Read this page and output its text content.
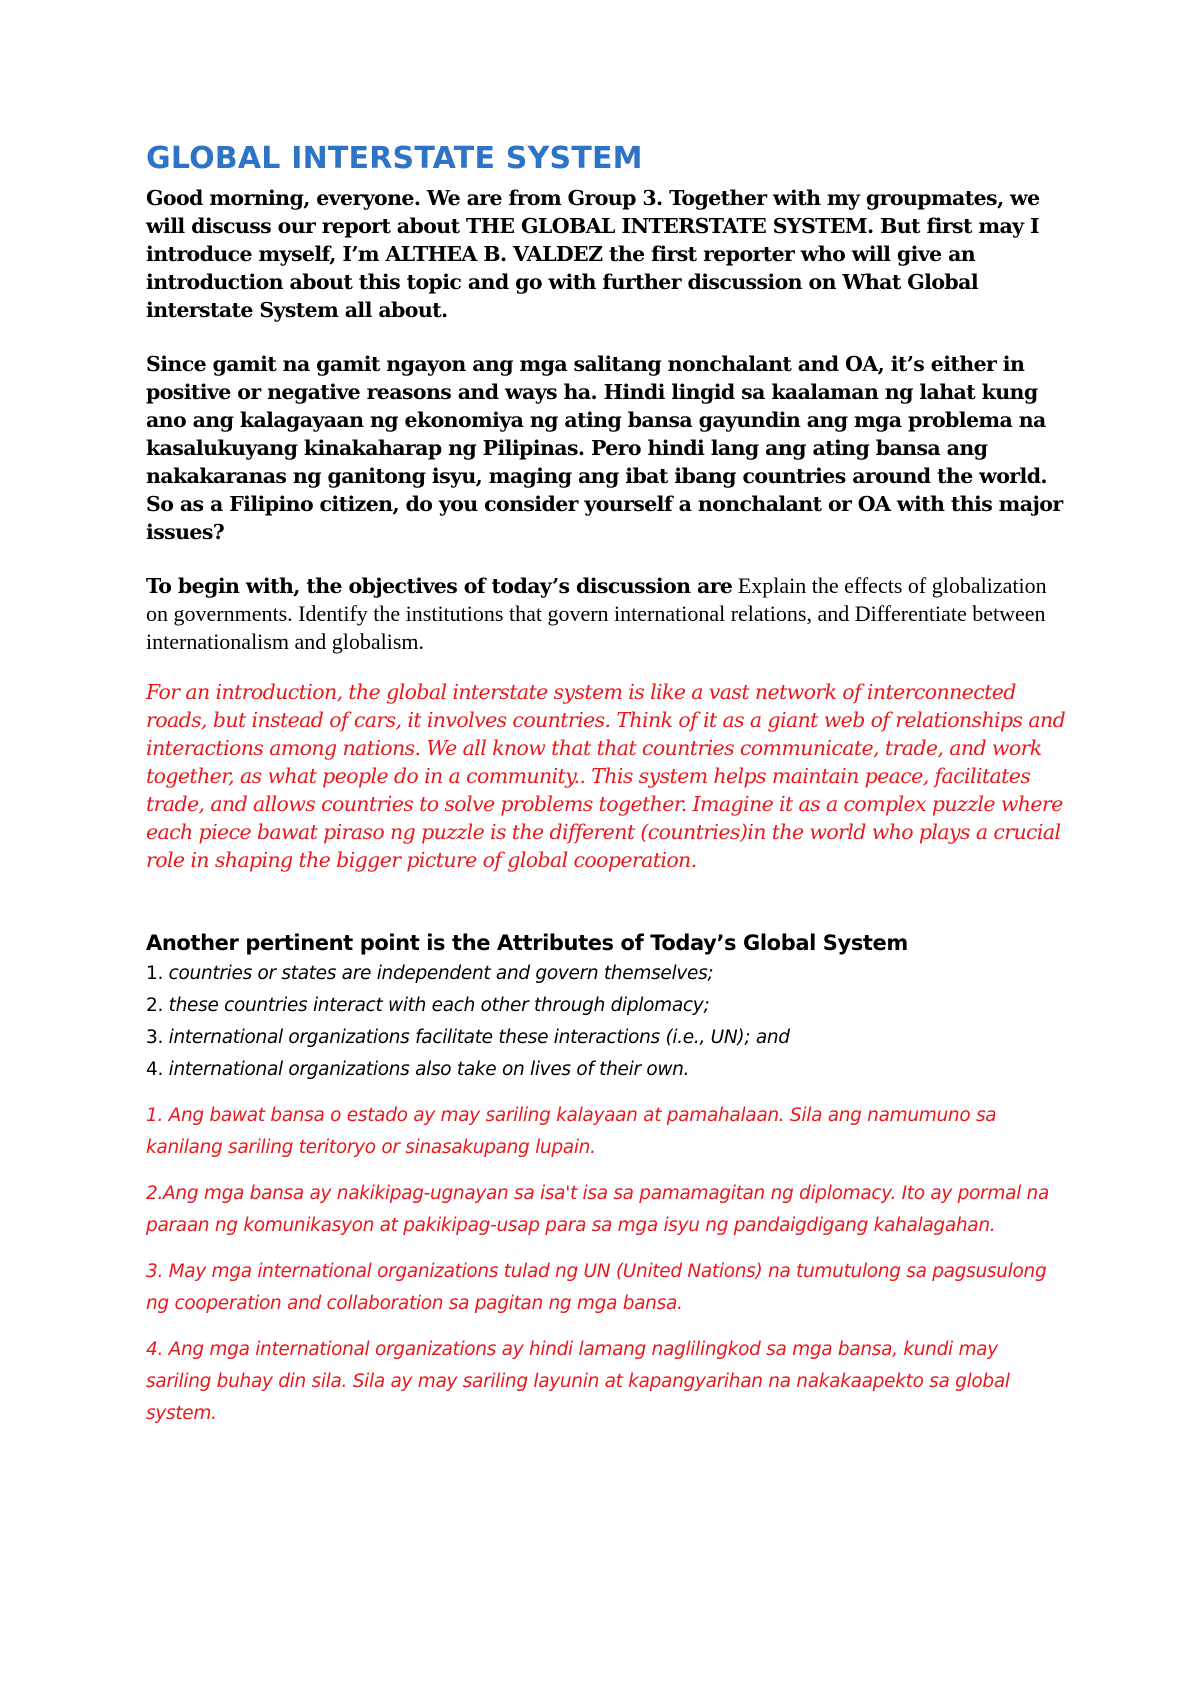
GLOBAL INTERSTATE SYSTEM

Good morning, everyone. We are from Group 3. Together with my groupmates, we will discuss our report about THE GLOBAL INTERSTATE SYSTEM. But first may I introduce myself, I’m ALTHEA B. VALDEZ the first reporter who will give an introduction about this topic and go with further discussion on What Global interstate System all about.

Since gamit na gamit ngayon ang mga salitang nonchalant and OA, it’s either in positive or negative reasons and ways ha. Hindi lingid sa kaalaman ng lahat kung ano ang kalagayaan ng ekonomiya ng ating bansa gayundin ang mga problema na kasalukuyang kinakaharap ng Pilipinas. Pero hindi lang ang ating bansa ang nakakaranas ng ganitong isyu, maging ang ibat ibang countries around the world. So as a Filipino citizen, do you consider yourself a nonchalant or OA with this major issues?

To begin with, the objectives of today’s discussion are Explain the effects of globalization on governments. Identify the institutions that govern international relations, and Differentiate between internationalism and globalism.

For an introduction, the global interstate system is like a vast network of interconnected roads, but instead of cars, it involves countries. Think of it as a giant web of relationships and interactions among nations. We all know that that countries communicate, trade, and work together, as what people do in a community.. This system helps maintain peace, facilitates trade, and allows countries to solve problems together. Imagine it as a complex puzzle where each piece bawat piraso ng puzzle is the different (countries)in the world who plays a crucial role in shaping the bigger picture of global cooperation.

Another pertinent point is the Attributes of Today’s Global System

1. countries or states are independent and govern themselves;
2. these countries interact with each other through diplomacy;
3. international organizations facilitate these interactions (i.e., UN); and
4. international organizations also take on lives of their own.

1. Ang bawat bansa o estado ay may sariling kalayaan at pamahalaan. Sila ang namumuno sa kanilang sariling teritoryo or sinasakupang lupain.

2.Ang mga bansa ay nakikipag-ugnayan sa isa't isa sa pamamagitan ng diplomacy. Ito ay pormal na paraan ng komunikasyon at pakikipag-usap para sa mga isyu ng pandaigdigang kahalagahan.

3. May mga international organizations tulad ng UN (United Nations) na tumutulong sa pagsusulong ng cooperation and collaboration sa pagitan ng mga bansa.

4. Ang mga international organizations ay hindi lamang naglilingkod sa mga bansa, kundi may sariling buhay din sila. Sila ay may sariling layunin at kapangyarihan na nakakaapekto sa global system.
